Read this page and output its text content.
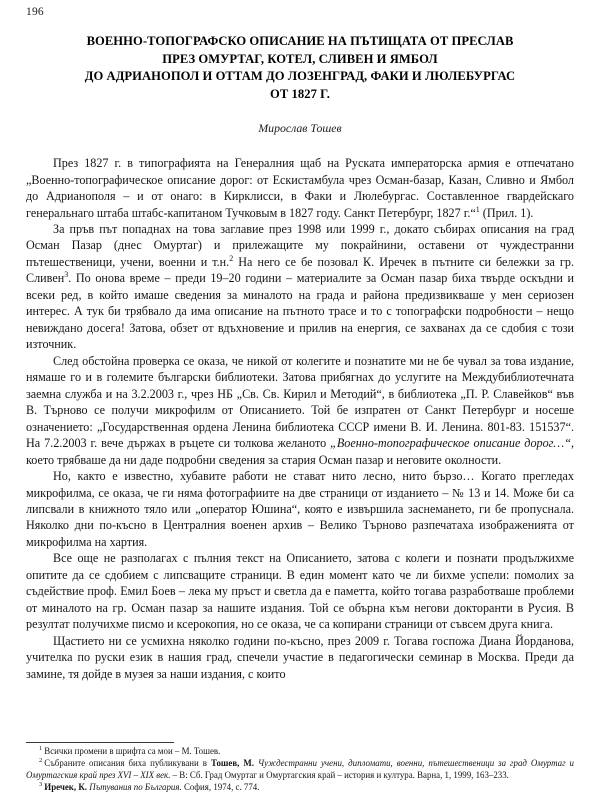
196
ВОЕННО-ТОПОГРАФСКО ОПИСАНИЕ НА ПЪТИЩАТА ОТ ПРЕСЛАВ
ПРЕЗ ОМУРТАГ, КОТЕЛ, СЛИВЕН И ЯМБОЛ
ДО АДРИАНОПОЛ И ОТТАМ ДО ЛОЗЕНГРАД, ФАКИ И ЛЮЛЕБУРГАС
ОТ 1827 Г.
Мирослав Тошев

През 1827 г. в типографията на Генералния щаб на Руската императорска армия е отпечатано „Военно-топографическое описание дорог: от Ескистамбула чрез Осман-базар, Казан, Сливно и Ямбол до Адрианополя – и от онаго: в Кирклисси, в Факи и Люлебургас. Составленное гвардейскаго генеральнаго штаба штабс-капитаном Тучковым в 1827 году. Санкт Петербург, 1827 г.“$^1$ (Прил. 1).

За пръв път попаднах на това заглавие през 1998 или 1999 г., докато събирах описания на град Осман Пазар (днес Омуртаг) и прилежащите му покрайнини, оставени от чуждестранни пътешественици, учени, военни и т.н.$^2$ На него се бе позовал К. Иречек в пътните си бележки за гр. Сливен$^3$. По онова време – преди 19–20 години – материалите за Осман пазар биха твърде оскъдни и всеки ред, в който имаше сведения за миналото на града и района предизвикваше у мен сериозен интерес. А тук би трябвало да има описание на пътното трасе и то с топографски подробности – нещо невиждано досега! Затова, обзет от вдъхновение и прилив на енергия, се захванах да се сдобия с този източник.

След обстойна проверка се оказа, че никой от колегите и познатите ми не бе чувал за това издание, нямаше го и в големите български библиотеки. Затова прибягнах до услугите на Междубиблиотечната заемна служба и на 3.2.2003 г., чрез НБ „Св. Св. Кирил и Методий“, в библиотека „П. Р. Славейков“ във В. Търново се получи микрофилм от Описанието. Той бе изпратен от Санкт Петербург и носеше означението: „Государственная ордена Ленина библиотека СССР имени В. И. Ленина. 801-83. 151537“. На 7.2.2003 г. вече държах в ръцете си толкова желаното „Военно-топографическое описание дорог…“, което трябваше да ни даде подробни сведения за стария Осман пазар и неговите околности.

Но, както е известно, хубавите работи не стават нито лесно, нито бързо… Когато прегледах микрофилма, се оказа, че ги няма фотографиите на две страници от изданието – № 13 и 14. Може би са липсвали в книжното тяло или „оператор Юшина“, която е извършила заснемането, ги бе пропуснала. Няколко дни по-късно в Централния военен архив – Велико Търново разпечатаха изображенията от микрофилма на хартия.

Все още не разполагах с пълния текст на Описанието, затова с колеги и познати продължихме опитите да се сдобием с липсващите страници. В един момент като че ли бихме успели: помолих за съдействие проф. Емил Боев – лека му пръст и светла да е паметта, който тогава разработваше проблеми от миналото на гр. Осман пазар за нашите издания. Той се обърна към негови докторанти в Русия. В резултат получихме писмо и ксерокопия, но се оказа, че са копирани страници от съвсем друга книга.

Щастието ни се усмихна няколко години по-късно, през 2009 г. Тогава госпожа Диана Йорданова, учителка по руски език в нашия град, спечели участие в педагогически семинар в Москва. Преди да замине, тя дойде в музея за наши издания, с които

$^1$ Всички промени в шрифта са мои – М. Тошев.

$^2$ Събраните описания биха публикувани в Тошев, М. Чуждестранни учени, дипломати, военни, пътешественици за град Омуртаг и Омуртагския край през XVI – XIX век. – В: Сб. Град Омуртаг и Омуртагския край – история и култура. Варна, 1, 1999, 163–233.

$^3$ Иречек, К. Пътувания по България. София, 1974, с. 774.
